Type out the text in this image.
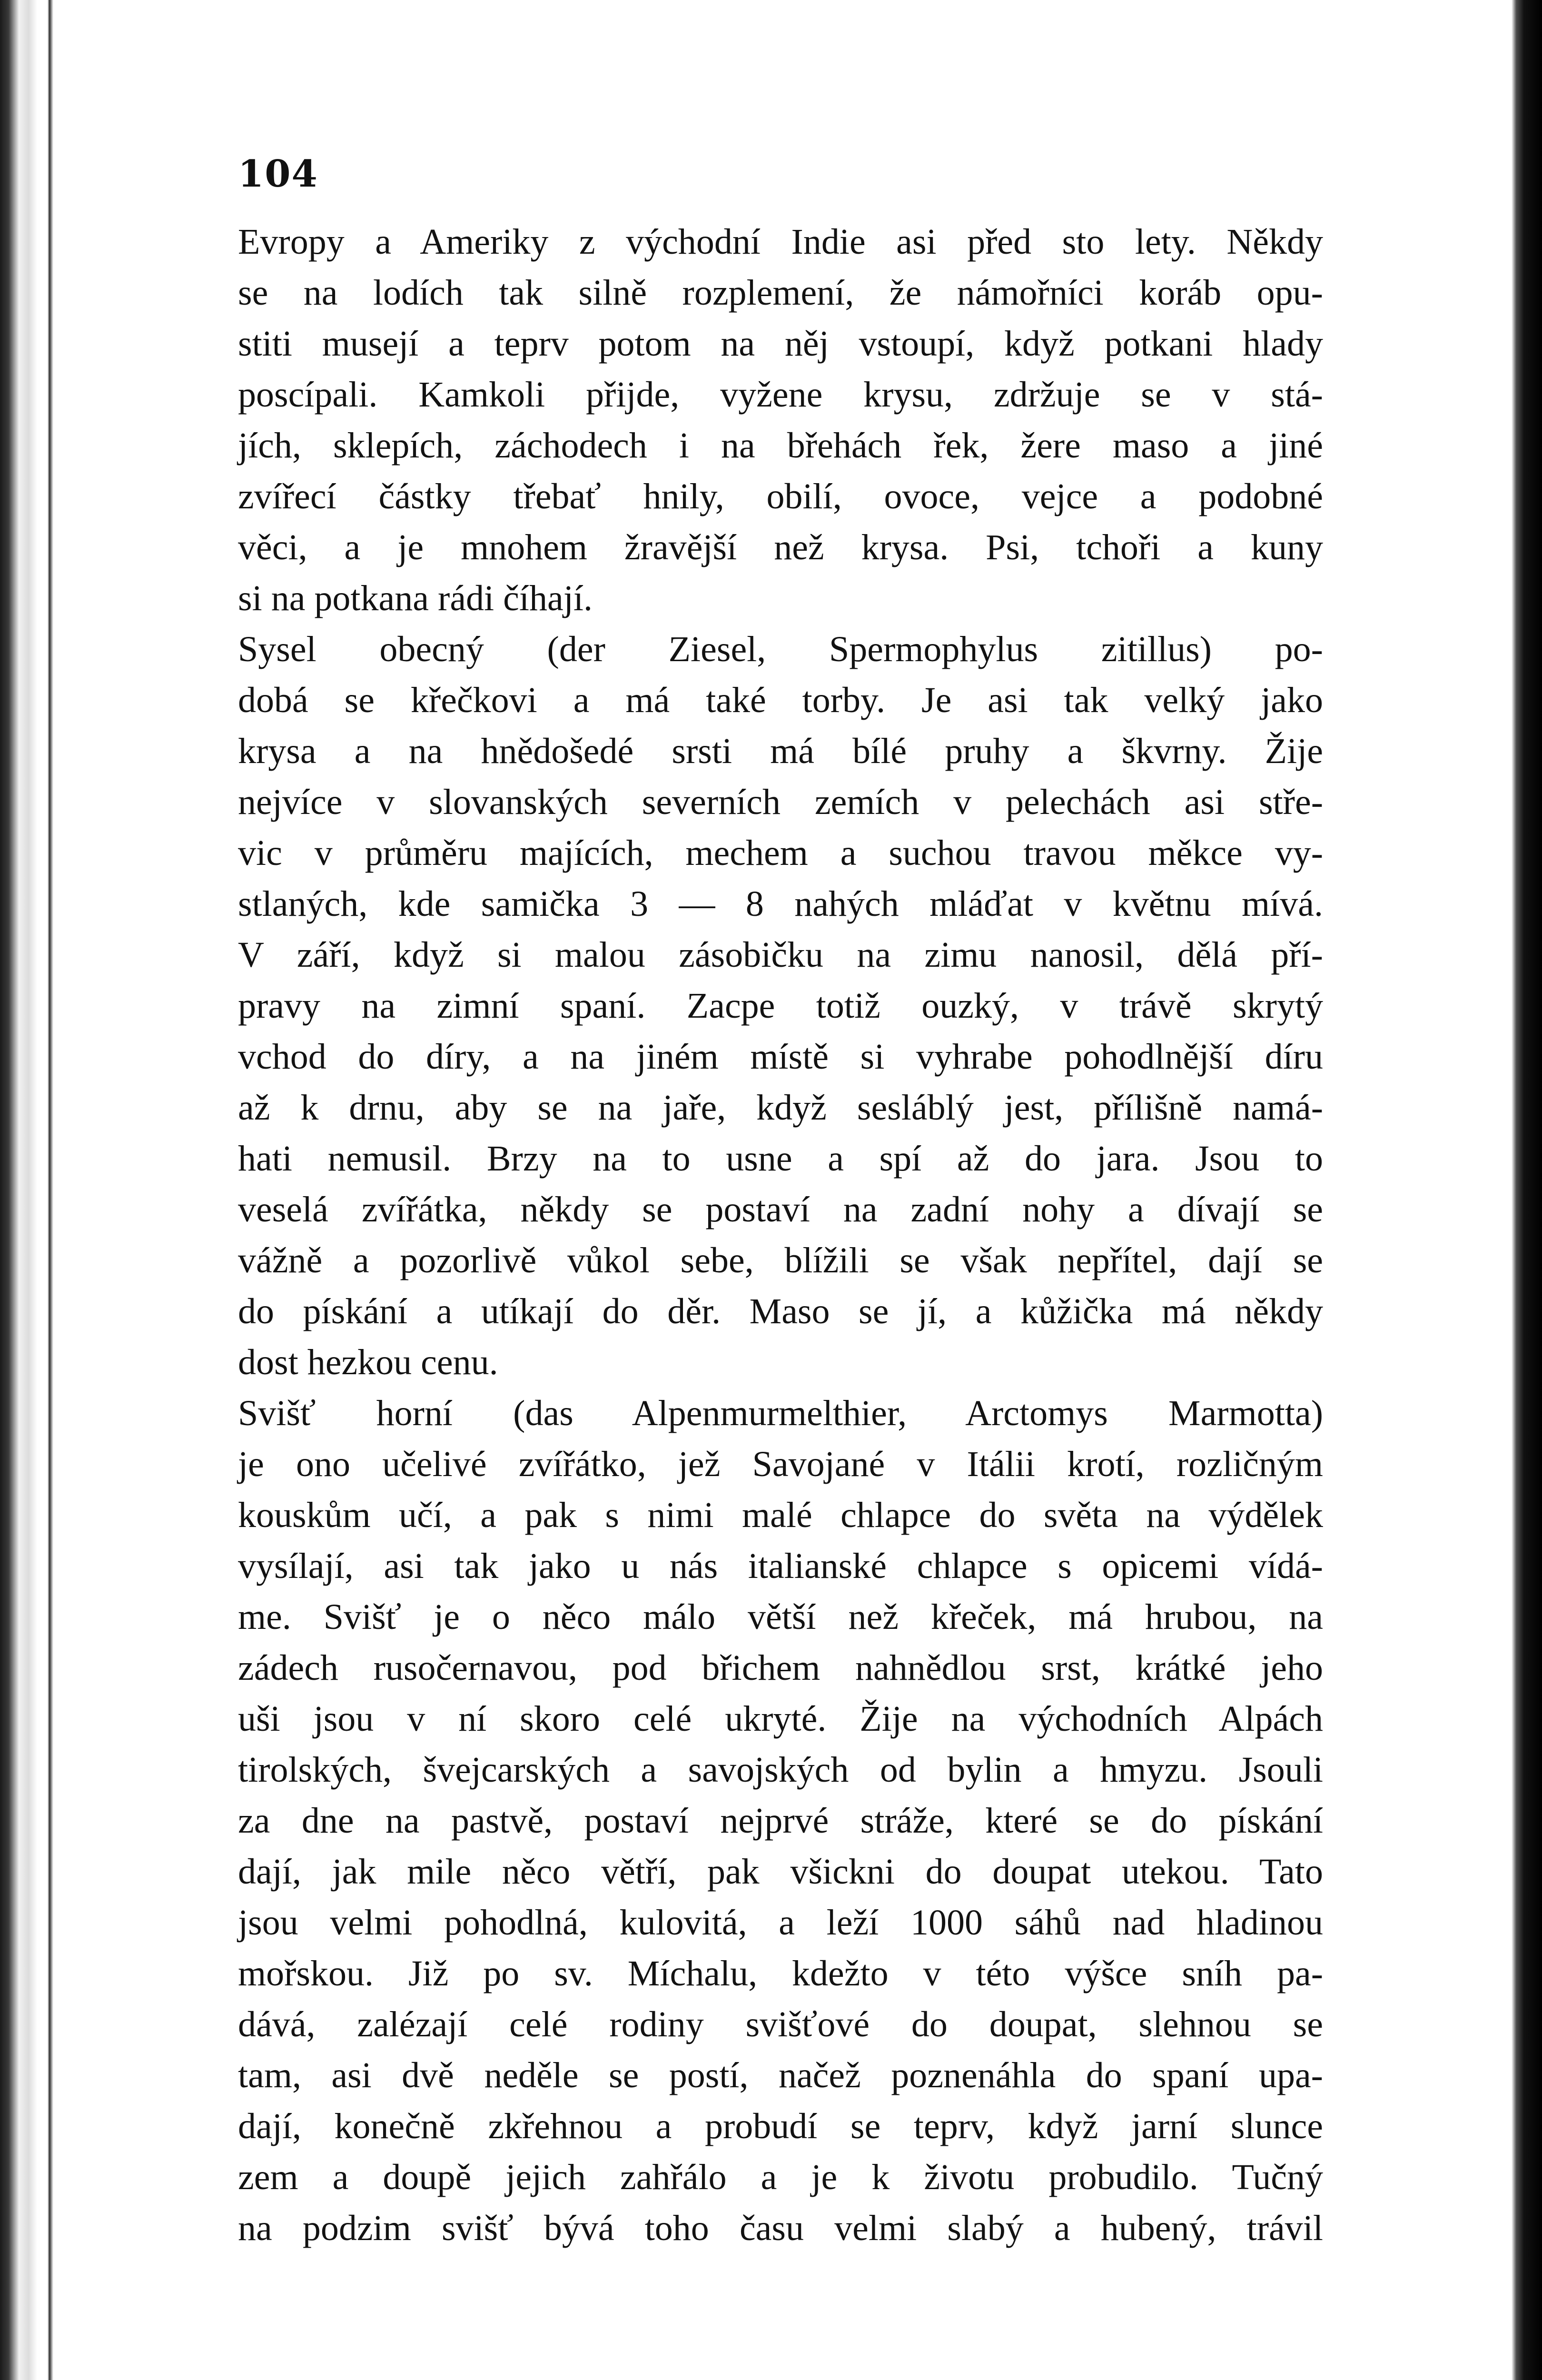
104
Evropy a Ameriky z východní Indie asi před sto lety. Někdy
se na lodích tak silně rozplemení, že námořníci koráb opu-
stiti musejí a teprv potom na něj vstoupí, když potkani hlady
poscípali. Kamkoli přijde, vyžene krysu, zdržuje se v stá-
jích, sklepích, záchodech i na břehách řek, žere maso a jiné
zvířecí částky třebať hnily, obilí, ovoce, vejce a podobné
věci, a je mnohem žravější než krysa. Psi, tchoři a kuny
si na potkana rádi číhají.
Sysel obecný (der Ziesel, Spermophylus zitillus) po-
dobá se křečkovi a má také torby. Je asi tak velký jako
krysa a na hnědošedé srsti má bílé pruhy a škvrny. Žije
nejvíce v slovanských severních zemích v pelechách asi stře-
vic v průměru majících, mechem a suchou travou měkce vy-
stlaných, kde samička 3 — 8 nahých mláďat v květnu mívá.
V září, když si malou zásobičku na zimu nanosil, dělá pří-
pravy na zimní spaní. Zacpe totiž ouzký, v trávě skrytý
vchod do díry, a na jiném místě si vyhrabe pohodlnější díru
až k drnu, aby se na jaře, když sesláblý jest, přílišně namá-
hati nemusil. Brzy na to usne a spí až do jara. Jsou to
veselá zvířátka, někdy se postaví na zadní nohy a dívají se
vážně a pozorlivě vůkol sebe, blížili se však nepřítel, dají se
do pískání a utíkají do děr. Maso se jí, a kůžička má někdy
dost hezkou cenu.
Svišť horní (das Alpenmurmelthier, Arctomys Marmotta)
je ono učelivé zvířátko, jež Savojané v Itálii krotí, rozličným
kouskům učí, a pak s nimi malé chlapce do světa na výdělek
vysílají, asi tak jako u nás italianské chlapce s opicemi vídá-
me. Svišť je o něco málo větší než křeček, má hrubou, na
zádech rusočernavou, pod břichem nahnědlou srst, krátké jeho
uši jsou v ní skoro celé ukryté. Žije na východních Alpách
tirolských, švejcarských a savojských od bylin a hmyzu. Jsouli
za dne na pastvě, postaví nejprvé stráže, které se do pískání
dají, jak mile něco větří, pak všickni do doupat utekou. Tato
jsou velmi pohodlná, kulovitá, a leží 1000 sáhů nad hladinou
mořskou. Již po sv. Míchalu, kdežto v této výšce sníh pa-
dává, zalézají celé rodiny svišťové do doupat, slehnou se
tam, asi dvě neděle se postí, načež poznenáhla do spaní upa-
dají, konečně zkřehnou a probudí se teprv, když jarní slunce
zem a doupě jejich zahřálo a je k životu probudilo. Tučný
na podzim svišť bývá toho času velmi slabý a hubený, trávil
